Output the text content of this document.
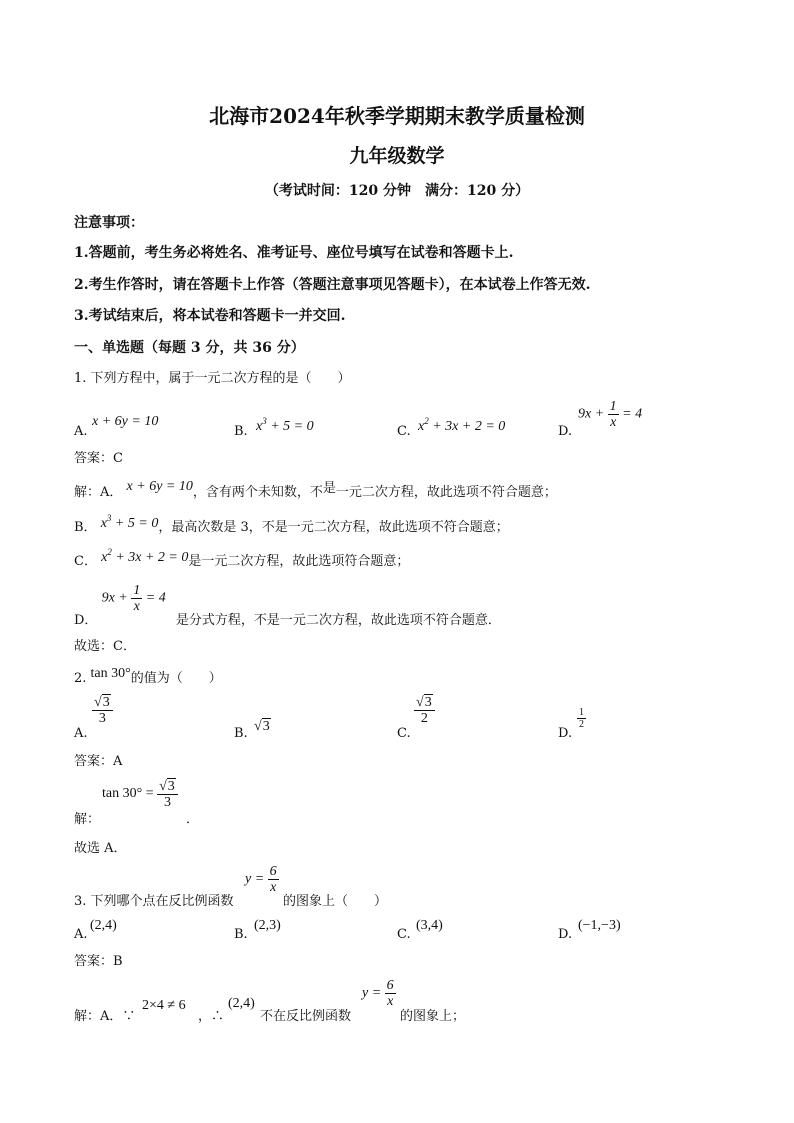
北海市2024年秋季学期期末教学质量检测
九年级数学
（考试时间：120 分钟　满分：120 分）
注意事项：
1.答题前，考生务必将姓名、准考证号、座位号填写在试卷和答题卡上.
2.考生作答时，请在答题卡上作答（答题注意事项见答题卡），在本试卷上作答无效.
3.考试结束后，将本试卷和答题卡一并交回.
一、单选题（每题 3 分，共 36 分）
1. 下列方程中，属于一元二次方程的是（　　）
A.
x + 6y = 10
B. $x^3 + 5 = 0$	C. $x^2 + 3x + 2 = 0$	D.
$9x + \frac{1}{x} = 4$
答案：C
解：A． x + 6y = 10，含有两个未知数，不是一元二次方程，故此选项不符合题意；
B． $x^3 + 5 = 0$，最高次数是 3，不是一元二次方程，故此选项不符合题意；
C． $x^2 + 3x + 2 = 0$是一元二次方程，故此选项符合题意；
D． $9x + \frac{1}{x} = 4$ 是分式方程，不是一元二次方程，故此选项不符合题意．
故选：C．
2. tan 30°的值为（　　）
A.
$\frac{√3}{3}$
B. √3	C.
$\frac{√3}{2}$
D.
$\frac{1}{2}$
答案：A
解：
$\tan 30^\circ = \frac{√3}{3}$
．
故选 A．
3. 下列哪个点在反比例函数
$y = \frac{6}{x}$
的图象上（　　）
A.
(2,4)
B.
(2,3)
C.
(3,4)
D.
(−1,−3)
答案：B
解：A．∵
2×4 ≠ 6
，∴
(2,4)
不在反比例函数
$y = \frac{6}{x}$
的图象上；
